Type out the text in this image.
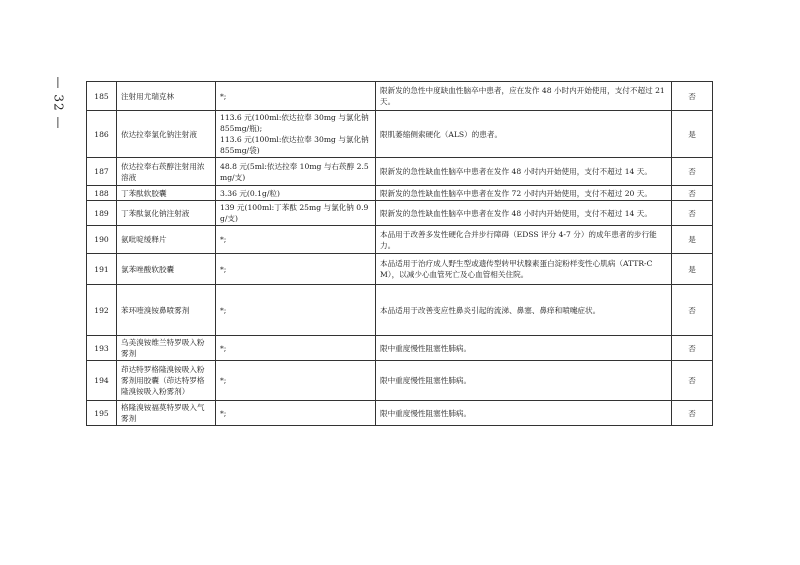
— 32 —	185	注射用尤瑞克林	*;	限新发的急性中度缺血性脑卒中患者，应在发作 48 小时内开始使用，支付不超过 21 天。	否
186	依达拉奉氯化钠注射液	113.6 元(100ml:依达拉奉 30mg 与氯化钠 855mg/瓶);
113.6 元(100ml:依达拉奉 30mg 与氯化钠 855mg/袋)	限肌萎缩侧索硬化（ALS）的患者。	是
187	依达拉奉右莰醇注射用浓溶液	48.8 元(5ml:依达拉奉 10mg 与右莰醇 2.5mg/支)	限新发的急性缺血性脑卒中患者在发作 48 小时内开始使用，支付不超过 14 天。	否
188	丁苯酞软胶囊	3.36 元(0.1g/粒)	限新发的急性缺血性脑卒中患者在发作 72 小时内开始使用，支付不超过 20 天。	否
189	丁苯酞氯化钠注射液	139 元(100ml:丁苯酞 25mg 与氯化钠 0.9g/支)	限新发的急性缺血性脑卒中患者在发作 48 小时内开始使用，支付不超过 14 天。	否
190	氨吡啶缓释片	*;	本品用于改善多发性硬化合并步行障碍（EDSS 评分 4-7 分）的成年患者的步行能力。	是
191	氯苯唑酸软胶囊	*;	本品适用于治疗成人野生型或遗传型转甲状腺素蛋白淀粉样变性心肌病（ATTR-CM），以减少心血管死亡及心血管相关住院。	是
192	苯环喹溴铵鼻喷雾剂	*;	本品适用于改善变应性鼻炎引起的流涕、鼻塞、鼻痒和喷嚏症状。	否
193	乌美溴铵维兰特罗吸入粉雾剂	*;	限中重度慢性阻塞性肺病。	否
194	茚达特罗格隆溴铵吸入粉雾剂用胶囊（茚达特罗格隆溴铵吸入粉雾剂）	*;	限中重度慢性阻塞性肺病。	否
195	格隆溴铵福莫特罗吸入气雾剂	*;	限中重度慢性阻塞性肺病。	否
